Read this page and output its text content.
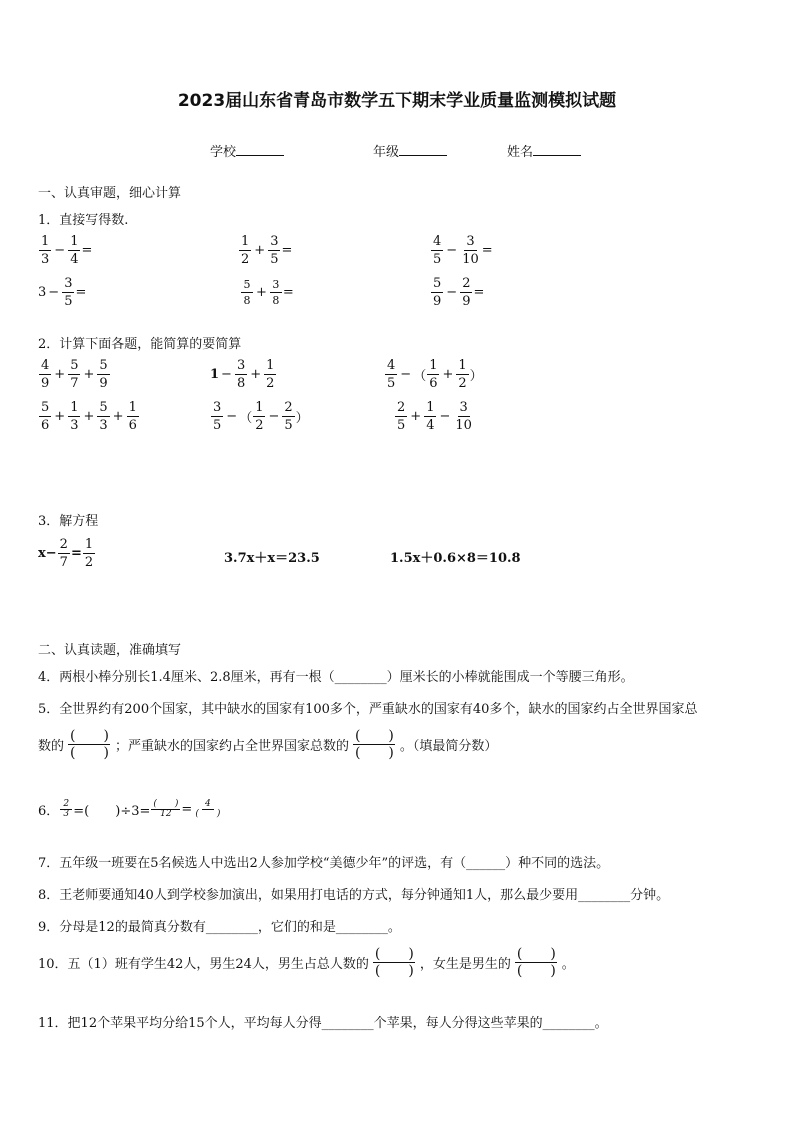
2023届山东省青岛市数学五下期末学业质量监测模拟试题
学校	年级	姓名
一、认真审题，细心计算
1．直接写得数.
$\frac{1}{3} - \frac{1}{4}$ =	$\frac{1}{2} + \frac{3}{5}$ =	$\frac{4}{5} - \frac{3}{10}$ =
$3 - \frac{3}{5}$ =	$\frac{5}{8} + \frac{3}{8}$ =	$\frac{5}{9} - \frac{2}{9}$ =
2．计算下面各题，能简算的要简算
$\frac{4}{9} + \frac{5}{7} + \frac{5}{9}$	$1 - \frac{3}{8} + \frac{1}{2}$	$\frac{4}{5}$ − （ $\frac{1}{6} + \frac{1}{2}$ ）
$\frac{5}{6} + \frac{1}{3} + \frac{5}{3} + \frac{1}{6}$	$\frac{3}{5}$ − （ $\frac{1}{2} - \frac{2}{5}$ ）	$\frac{2}{5} + \frac{1}{4} - \frac{3}{10}$
3．解方程
$x- \frac{2}{7} = \frac{1}{2}$	3.7x＋x＝23.5	1.5x＋0.6×8＝10.8
二、认真读题，准确填写
4．两根小棒分别长1.4厘米、2.8厘米，再有一根（________）厘米长的小棒就能围成一个等腰三角形。
5．全世界约有200个国家，其中缺水的国家有100多个，严重缺水的国家有40多个，缺水的国家约占全世界国家总
数的
(　　)
(　　) ；严重缺水的国家约占全世界国家总数的
(　　)
(　　) 。（填最简分数）
6． $\frac{2}{3}$ =(　　)$\div 3= \frac{( )}{12} = \frac{4}{( )}$
7．五年级一班要在5名候选人中选出2人参加学校“美德少年”的评选，有（______）种不同的选法。
8．王老师要通知40人到学校参加演出，如果用打电话的方式，每分钟通知1人，那么最少要用________分钟。
9．分母是12的最简真分数有________，它们的和是________。
10．五（1）班有学生42人，男生24人，男生占总人数的
(　　)
(　　) ，女生是男生的
(　　)
(　　) 。
11．把12个苹果平均分给15个人，平均每人分得________个苹果，每人分得这些苹果的________。
